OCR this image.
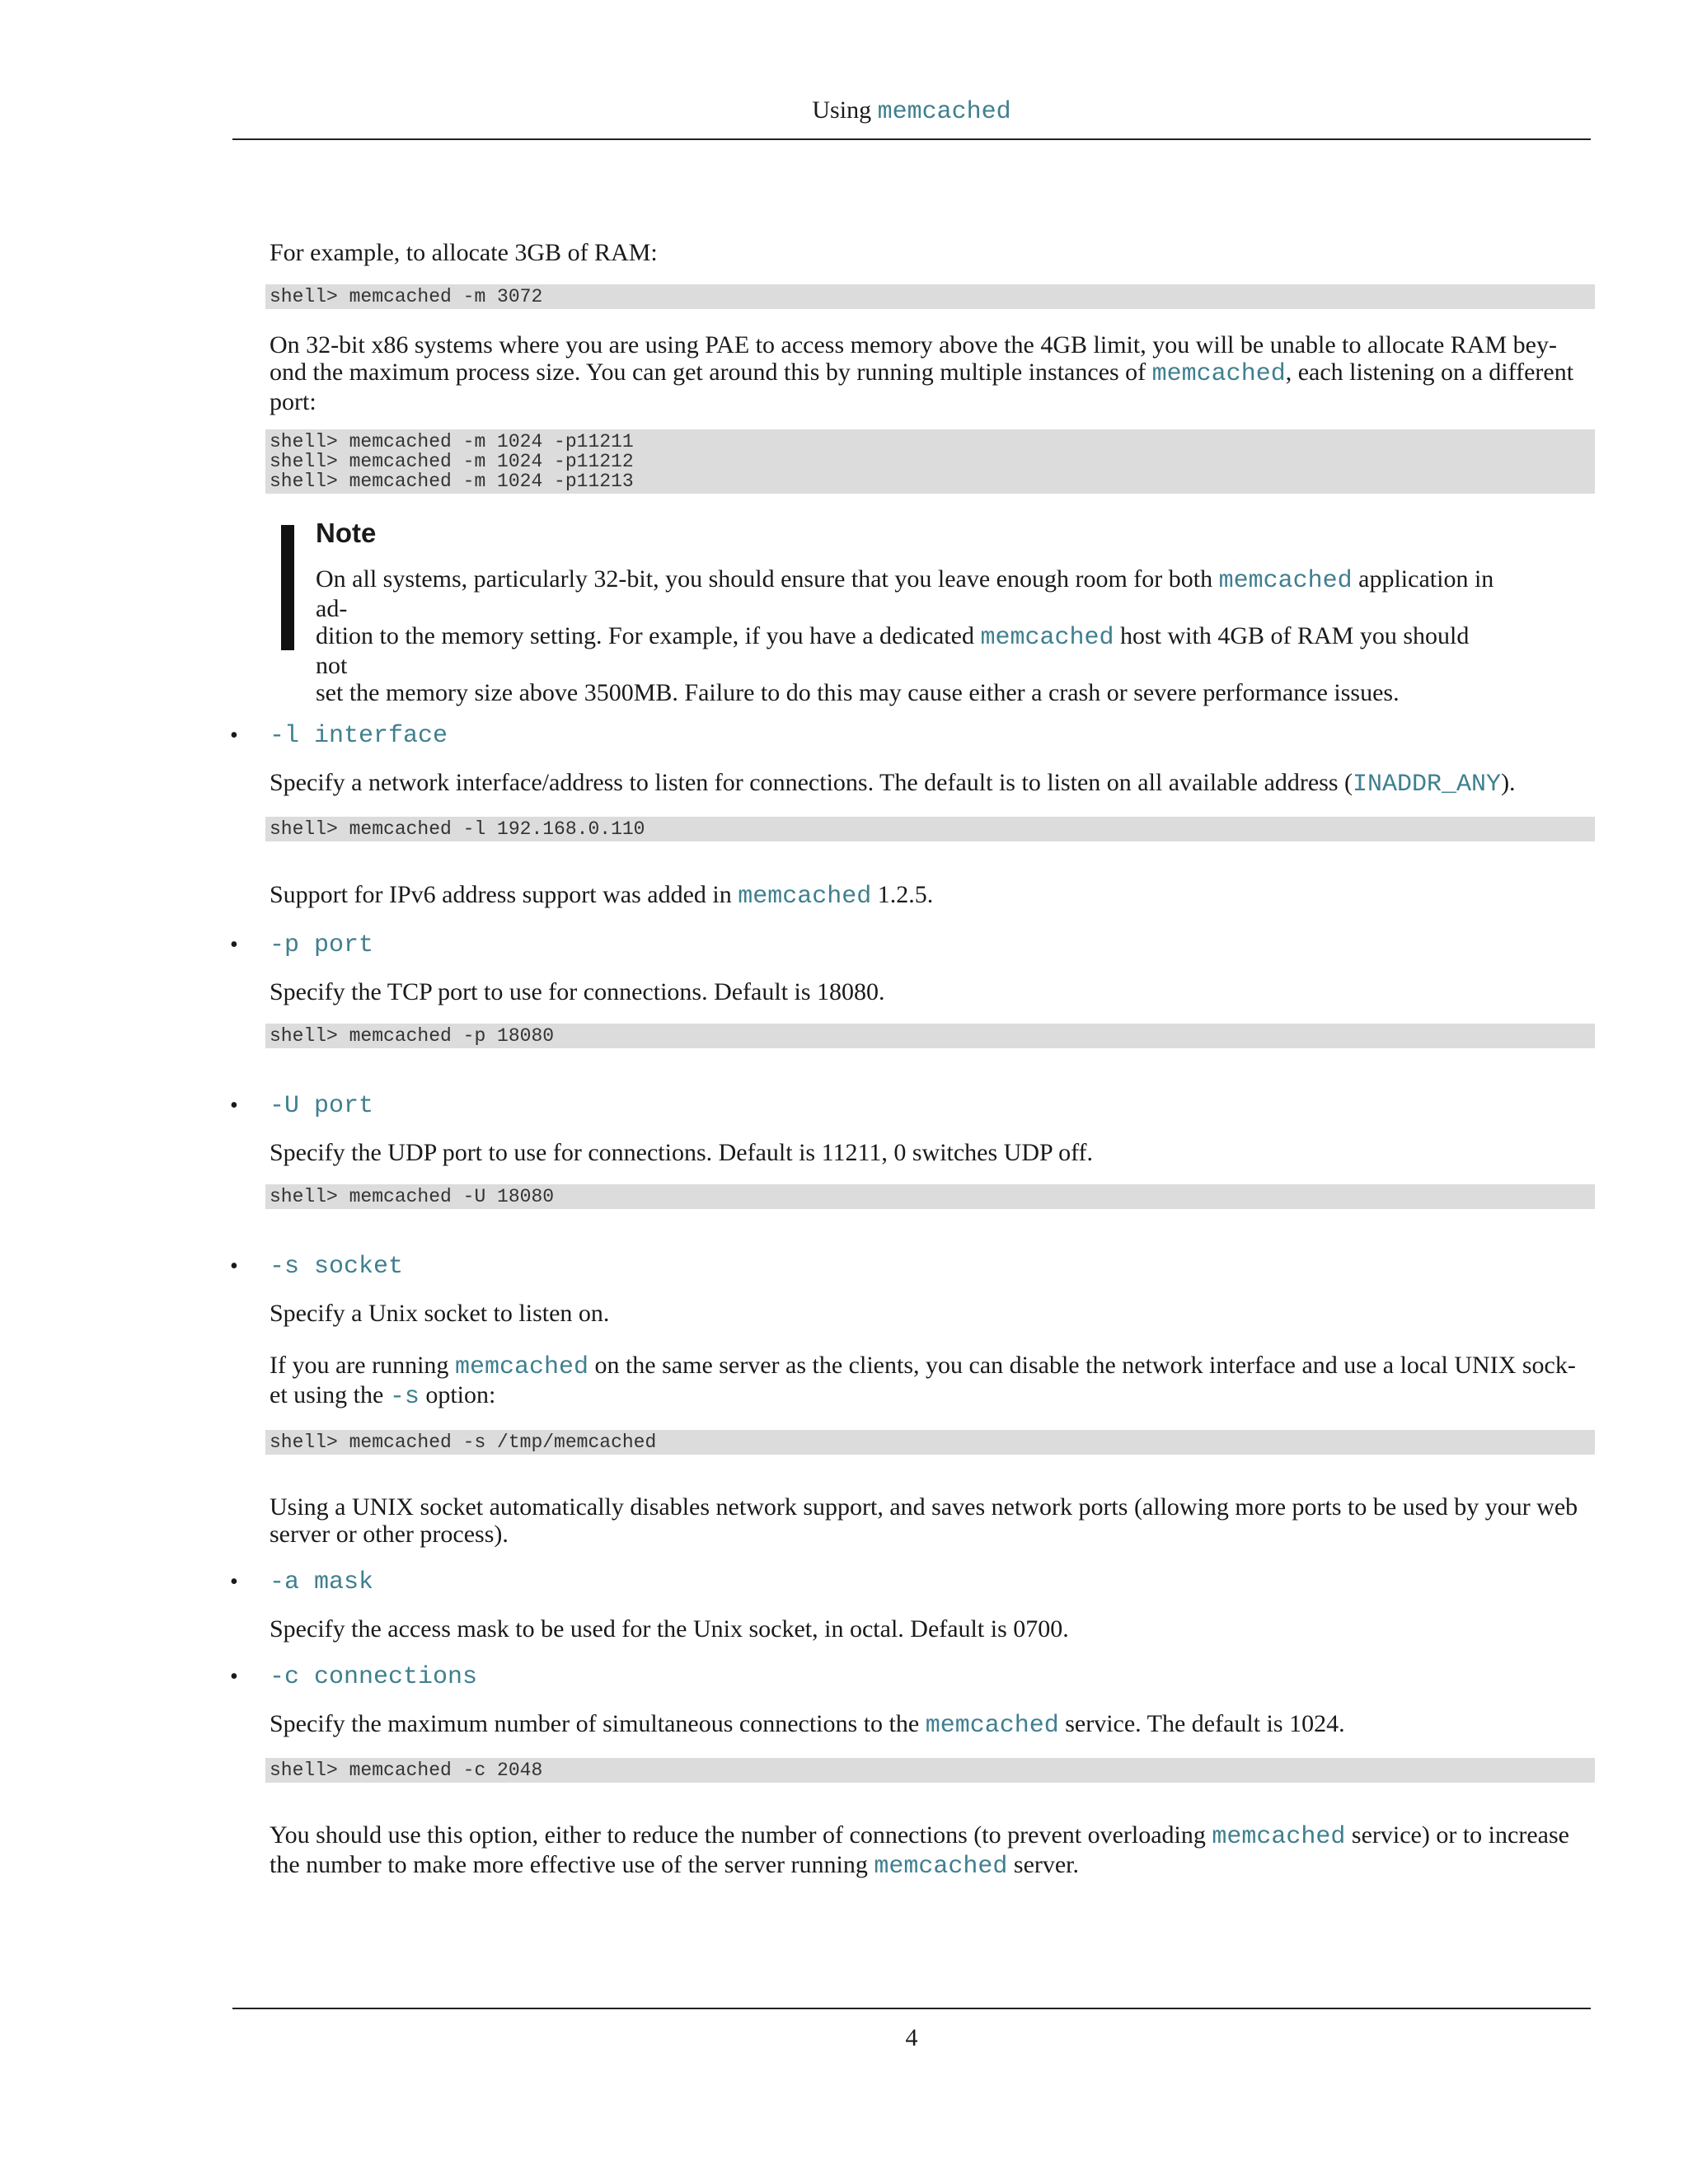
Using memcached

For example, to allocate 3GB of RAM:

shell> memcached -m 3072

On 32-bit x86 systems where you are using PAE to access memory above the 4GB limit, you will be unable to allocate RAM bey-
ond the maximum process size. You can get around this by running multiple instances of memcached, each listening on a different
port:

shell> memcached -m 1024 -p11211
shell> memcached -m 1024 -p11212
shell> memcached -m 1024 -p11213
Note

On all systems, particularly 32-bit, you should ensure that you leave enough room for both memcached application in ad-
dition to the memory setting. For example, if you have a dedicated memcached host with 4GB of RAM you should not
set the memory size above 3500MB. Failure to do this may cause either a crash or severe performance issues.

• -l interface

Specify a network interface/address to listen for connections. The default is to listen on all available address (INADDR_ANY).

shell> memcached -l 192.168.0.110

Support for IPv6 address support was added in memcached 1.2.5.

• -p port

Specify the TCP port to use for connections. Default is 18080.

shell> memcached -p 18080
• -U port

Specify the UDP port to use for connections. Default is 11211, 0 switches UDP off.

shell> memcached -U 18080
• -s socket

Specify a Unix socket to listen on.

If you are running memcached on the same server as the clients, you can disable the network interface and use a local UNIX sock-
et using the -s option:

shell> memcached -s /tmp/memcached

Using a UNIX socket automatically disables network support, and saves network ports (allowing more ports to be used by your web
server or other process).

• -a mask

Specify the access mask to be used for the Unix socket, in octal. Default is 0700.

• -c connections

Specify the maximum number of simultaneous connections to the memcached service. The default is 1024.

shell> memcached -c 2048

You should use this option, either to reduce the number of connections (to prevent overloading memcached service) or to increase
the number to make more effective use of the server running memcached server.

4
